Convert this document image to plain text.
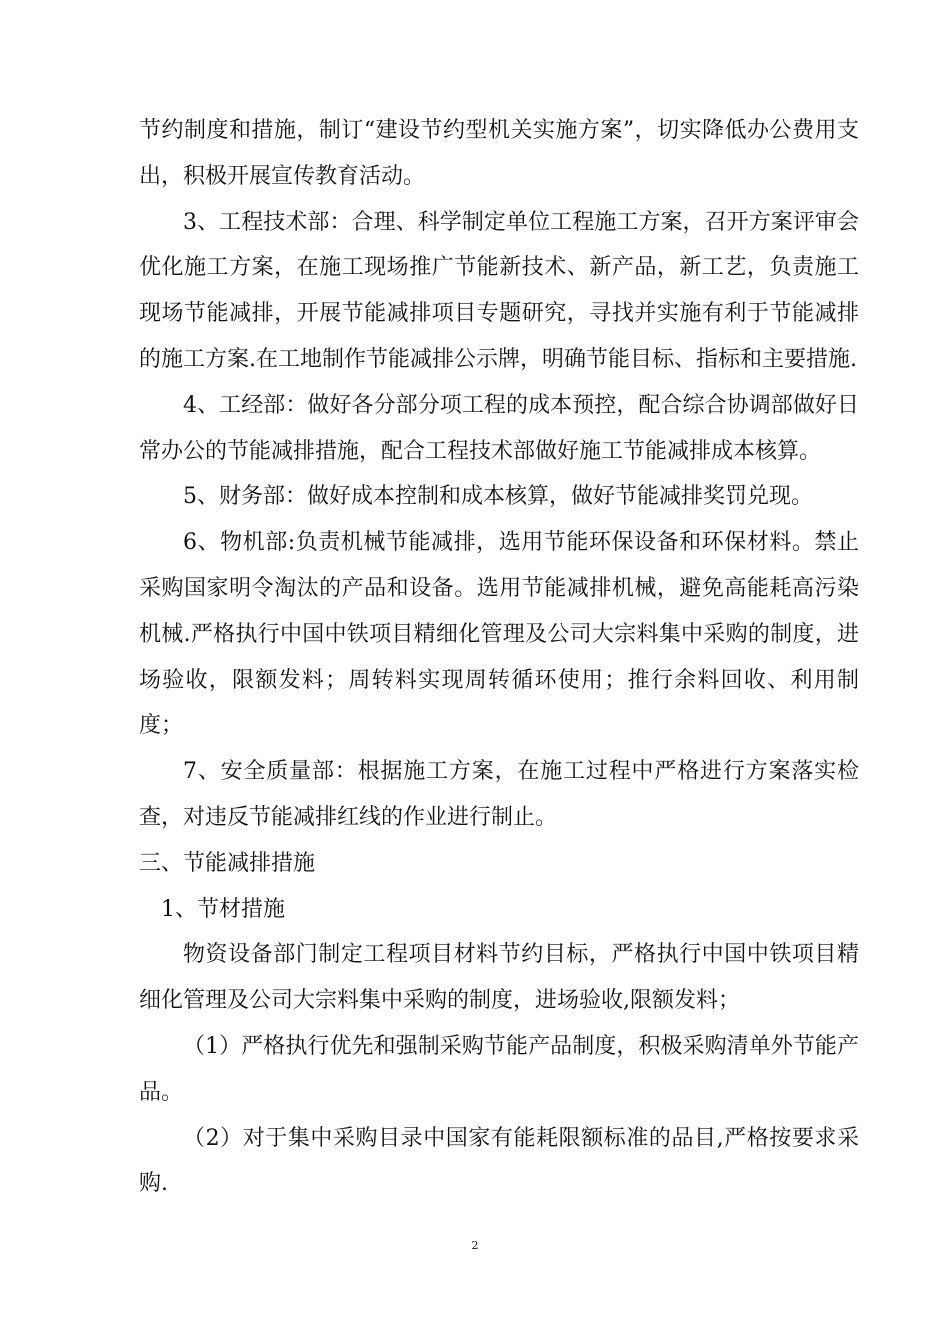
节约制度和措施，制订“建设节约型机关实施方案”，切实降低办公费用支出，积极开展宣传教育活动。

3、工程技术部：合理、科学制定单位工程施工方案，召开方案评审会优化施工方案，在施工现场推广节能新技术、新产品，新工艺，负责施工现场节能减排，开展节能减排项目专题研究，寻找并实施有利于节能减排的施工方案.在工地制作节能减排公示牌，明确节能目标、指标和主要措施.

4、工经部：做好各分部分项工程的成本预控，配合综合协调部做好日常办公的节能减排措施，配合工程技术部做好施工节能减排成本核算。

5、财务部：做好成本控制和成本核算，做好节能减排奖罚兑现。

6、物机部:负责机械节能减排，选用节能环保设备和环保材料。禁止采购国家明令淘汰的产品和设备。选用节能减排机械，避免高能耗高污染机械.严格执行中国中铁项目精细化管理及公司大宗料集中采购的制度，进场验收，限额发料；周转料实现周转循环使用；推行余料回收、利用制度；

7、安全质量部：根据施工方案，在施工过程中严格进行方案落实检查，对违反节能减排红线的作业进行制止。

三、节能减排措施

1、节材措施

物资设备部门制定工程项目材料节约目标，严格执行中国中铁项目精细化管理及公司大宗料集中采购的制度，进场验收,限额发料；

（1）严格执行优先和强制采购节能产品制度，积极采购清单外节能产品。

（2）对于集中采购目录中国家有能耗限额标准的品目,严格按要求采购.

2
